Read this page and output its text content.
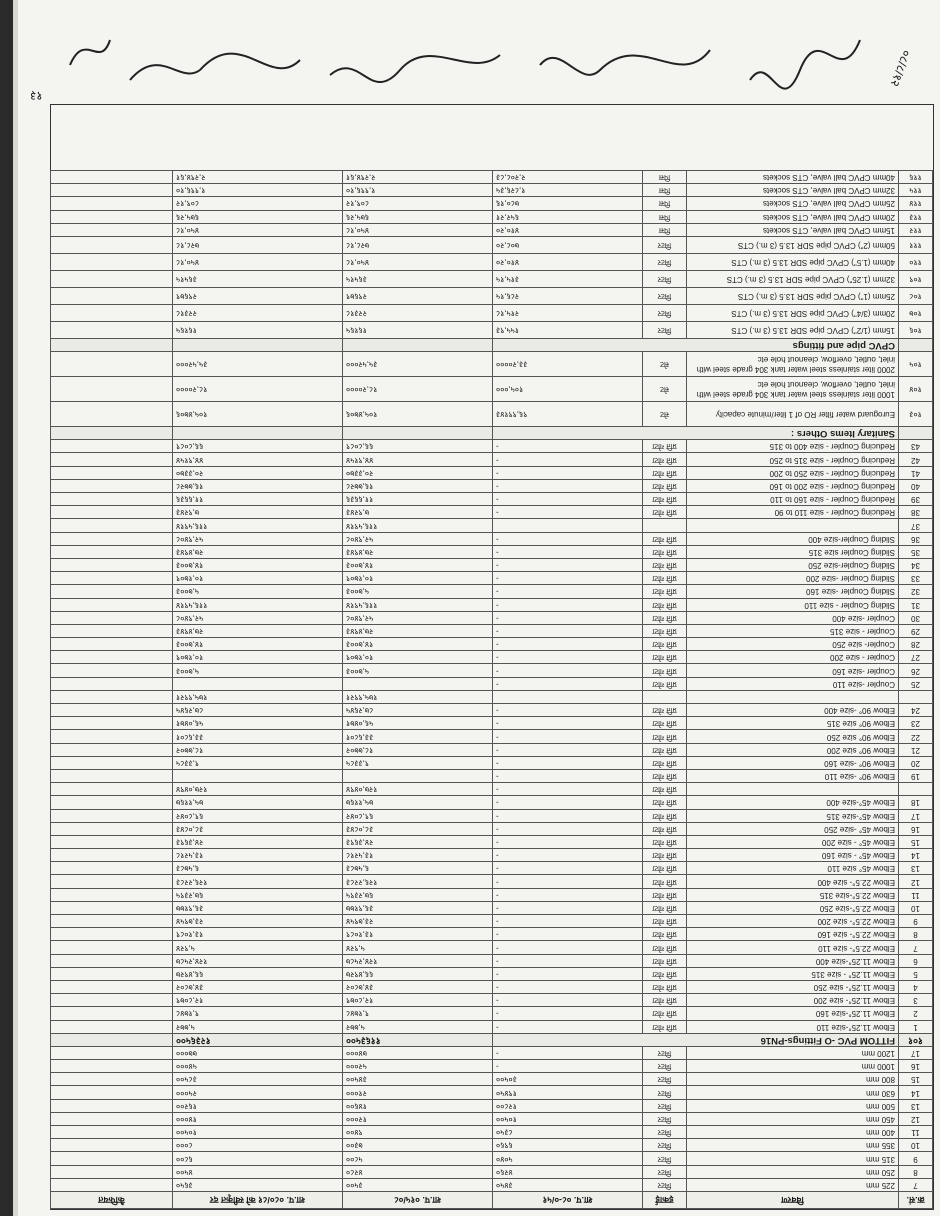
क्र.सं.	विवरण	इकाई	शा.प. ०८-०/५१	शा.प. ०१५/०८	शा.प. ०८०/८१ को स्वीकृत दर	कैफियत
7	225 mm	मिटर	३४५०	३५००	३६५०	
8	250 mm	मिटर	४२६०	४२८०	४५००	
9	315 mm	मिटर	५०४०	५८००	६८००	
10	355 mm	मिटर	६९६०	७३००	८०००	
11	400 mm	मिटर	८३५०	९४००	१०५००	
12	450 mm	मिटर	१०५००	१२०००	१४०००	
13	500 mm	मिटर	१२८००	१४६००	१६२००	
14	630 mm	मिटर	१९४५०	२१०००	२५०००	
15	800 mm	मिटर	३०५००	३४५००	३८५००	
16	1000 mm	मिटर	-	५२०००	५४०००	
17	1200 mm	मिटर	-	७४०००	७७०००	
१०१	FITTOM PVC -O Fittings-PN16			११६३५००	१२३६५००	
1	Elbow 11.25°-size 110	प्रति गोटा	-	५,७७२	५,७७२	
2	Elbow 11.25°-size 160	प्रति गोटा	-	९,१७४८	९,१७४८	
3	Elbow 11.25°- size 200	प्रति गोटा	-	१२,८०७९	१२,८०७९	
4	Elbow 11.25°- size 250	प्रति गोटा	-	३४,७८०२	३४,७८०२	
5	Elbow 11.25° - size 315	प्रति गोटा	-	६६,४९२७	६६,४९२७	
6	Elbow 11.25°-size 400	प्रति गोटा	-	१२४,२५८७	१२४,२५८७	
7	Elbow 22.5°- size 110	प्रति गोटा	-	५,९२४	५,९२४	
8	Elbow 22.5°- size 160	प्रति गोटा	-	१३,१०८९	१३,१०८९	
9	Elbow 22.5°- size 200	प्रति गोटा	-	२३,७९५४	२३,७९५४	
10	Elbow 22.5°-size 250	प्रति गोटा	-	३६,९१७७	३६,९१७७	
11	Elbow 22.5°-size 315	प्रति गोटा	-	६७,२३९५	६७,२३९५	
12	Elbow 22.5°- size 400	प्रति गोटा	-	१२६,२२८३	१२६,२२८३	
13	Elbow 45° size 110	प्रति गोटा	-	६,५७८३	६,५७८३	
14	Elbow 45° - size 160	प्रति गोटा	-	१३,५२१८	१३,५२१८	
15	Elbow 45° - size 200	प्रति गोटा	-	२४,३६९३	२४,३६९३	
16	Elbow 45° -size 250	प्रति गोटा	-	३८,०८४३	३८,०८४३	
17	Elbow 45°-size 315	प्रति गोटा	-	६९,८०४२	६९,८०४२	
18	Elbow 45°-size 400	प्रति गोटा	-	७५,११६७	७५,११६७	
		प्रति गोटा	-	१२७,०४९४	१२७,०४९४	
19	Elbow 90° -size 110	प्रति गोटा	-			
20	Elbow 90° -size 160	प्रति गोटा	-	९,३३८५	९,३३८५	
21	Elbow 90° size 200	प्रति गोटा	-	१८,७७०२	१८,७७०२	
22	Elbow 90° size 250	प्रति गोटा	-	३३,६८०१	३३,६८०१	
23	Elbow 90° size 315	प्रति गोटा	-	५६,०४७१	५६,०४७१	
24	Elbow 90° -size 400	प्रति गोटा	-	८७,२६४५	८७,२६४५	
				१७५,९९२१	१७५,९९२१	
25	Coupler -size 110	प्रति गोटा	-			
26	Coupler -size 160	प्रति गोटा	-	५,७००३	५,७००३	
27	Coupler - size 200	प्रति गोटा	-	१०,१७०९	१०,१७०९	
28	Coupler- size 250	प्रति गोटा	-	१४,७००३	१४,७००३	
29	Coupler - size 315	प्रति गोटा	-	२७,४९४३	२७,४९४३	
30	Coupler -size 400	प्रति गोटा	-	५२,९४०८	५२,९४०८	
31	Sliding Coupler - size 110	प्रति गोटा	-	११६,५९१४	११६,५९१४	
32	Sliding Coupler -size 160	प्रति गोटा	-	५,७००३	५,७००३	
33	Sliding Coupler -size 200	प्रति गोटा	-	१०,१७०९	१०,१७०९	
34	Sliding Coupler-size 250	प्रति गोटा	-	१४,७००३	१४,७००३	
35	Sliding Coupler size 315	प्रति गोटा	-	२७,४९४३	२७,४९४३	
36	Sliding Coupler-size 400	प्रति गोटा	-	५२,९४०८	५२,९४०८	
37				११६,५९१४	११६,५९१४	
38	Reducing Coupler - size 110 to 90	प्रति गोटा	-	७,९२४३	७,९२४३	
39	Reducing Coupler - size 160 to 110	प्रति गोटा	-	११,६६३६	११,६६३६	
40	Reducing Coupler - size 200 to 160	प्रति गोटा	-	१६,७७२८	१६,७७२८	
41	Reducing Coupler - size 250 to 200	प्रति गोटा	-	२०,३३७०	२०,३३७०	
42	Reducing Coupler - size 315 to 250	प्रति गोटा	-	४४,९१५४	४४,९१५४	
43	Reducing Coupler - size 400 to 315	प्रति गोटा	-	६६,८०८९	६६,८०८९	
	Sanitary Items Others :					
१०३	Euroguard water filter RO of 1 liter/minute capacity	सेट	९६,९९१४३	१०५,४७०६	१०५,४७०६	
१०४	1000 liter stainless steel water tank 304 grade steel with inlet, outlet, overflow, cleanout hole etc	सेट	१०५,०००	१८,२००००	१८,२००००	
१०५	2000 liter stainless steel water tank 304 grade steel with inlet, outlet, overflow, cleanout hole etc	सेट	३३,२००००	३५,५२०००	३५,५२०००	
	CPVC pipe and fittings					
१०६	15mm (1/2") CPVC pipe SDR 13.5 (3 m.) CTS	मिटर	१५५,९३	१६१६५	१६१६५	
१०७	20mm (3/4") CPVC pipe SDR 13.5 (3 m.) CTS	मिटर	२१५,१८	२२३१८	२२३१८	
१०८	25mm (1") CPVC pipe SDR 13.5 (3 m.) CTS	मिटर	२८६,१५	२९६७९	२९६७९	
१०९	32mm (1.25") CPVC pipe SDR 13.5 (3 m.) CTS	मिटर	३१५,१५	३६५१५	३६५१५	
११०	40mm (1.5") CPVC pipe SDR 13.5 (3 m.) CTS	मिटर	४१०,२०	४५०,१८	४५०,१८	
१११	50mm (2") CPVC pipe SDR 13.5 (3 m.) CTS	मिटर	७०८,२०	७२८,१८	७२८,१८	
११२	15mm CPVC ball valve, CTS sockets	पिस	४१०,२०	४५०,१८	४५०,१८	
११३	20mm CPVC ball valve, CTS sockets	पिस	६५२,२१	६७५,२६	६७५,२६	
११४	25mm CPVC ball valve, CTS sockets	पिस	७८०,१६	८०९,१२	८०९,१२	
११५	32mm CPVC ball valve, CTS sockets	पिस	१,८२६,३५	१,९९६,१०	१,९९६,१०	
११६	40mm CPVC ball valve, CTS sockets	पिस	२,२०८,८३	२,२९४,६१	२,२९४,६१	
१३
०८/८/१२
